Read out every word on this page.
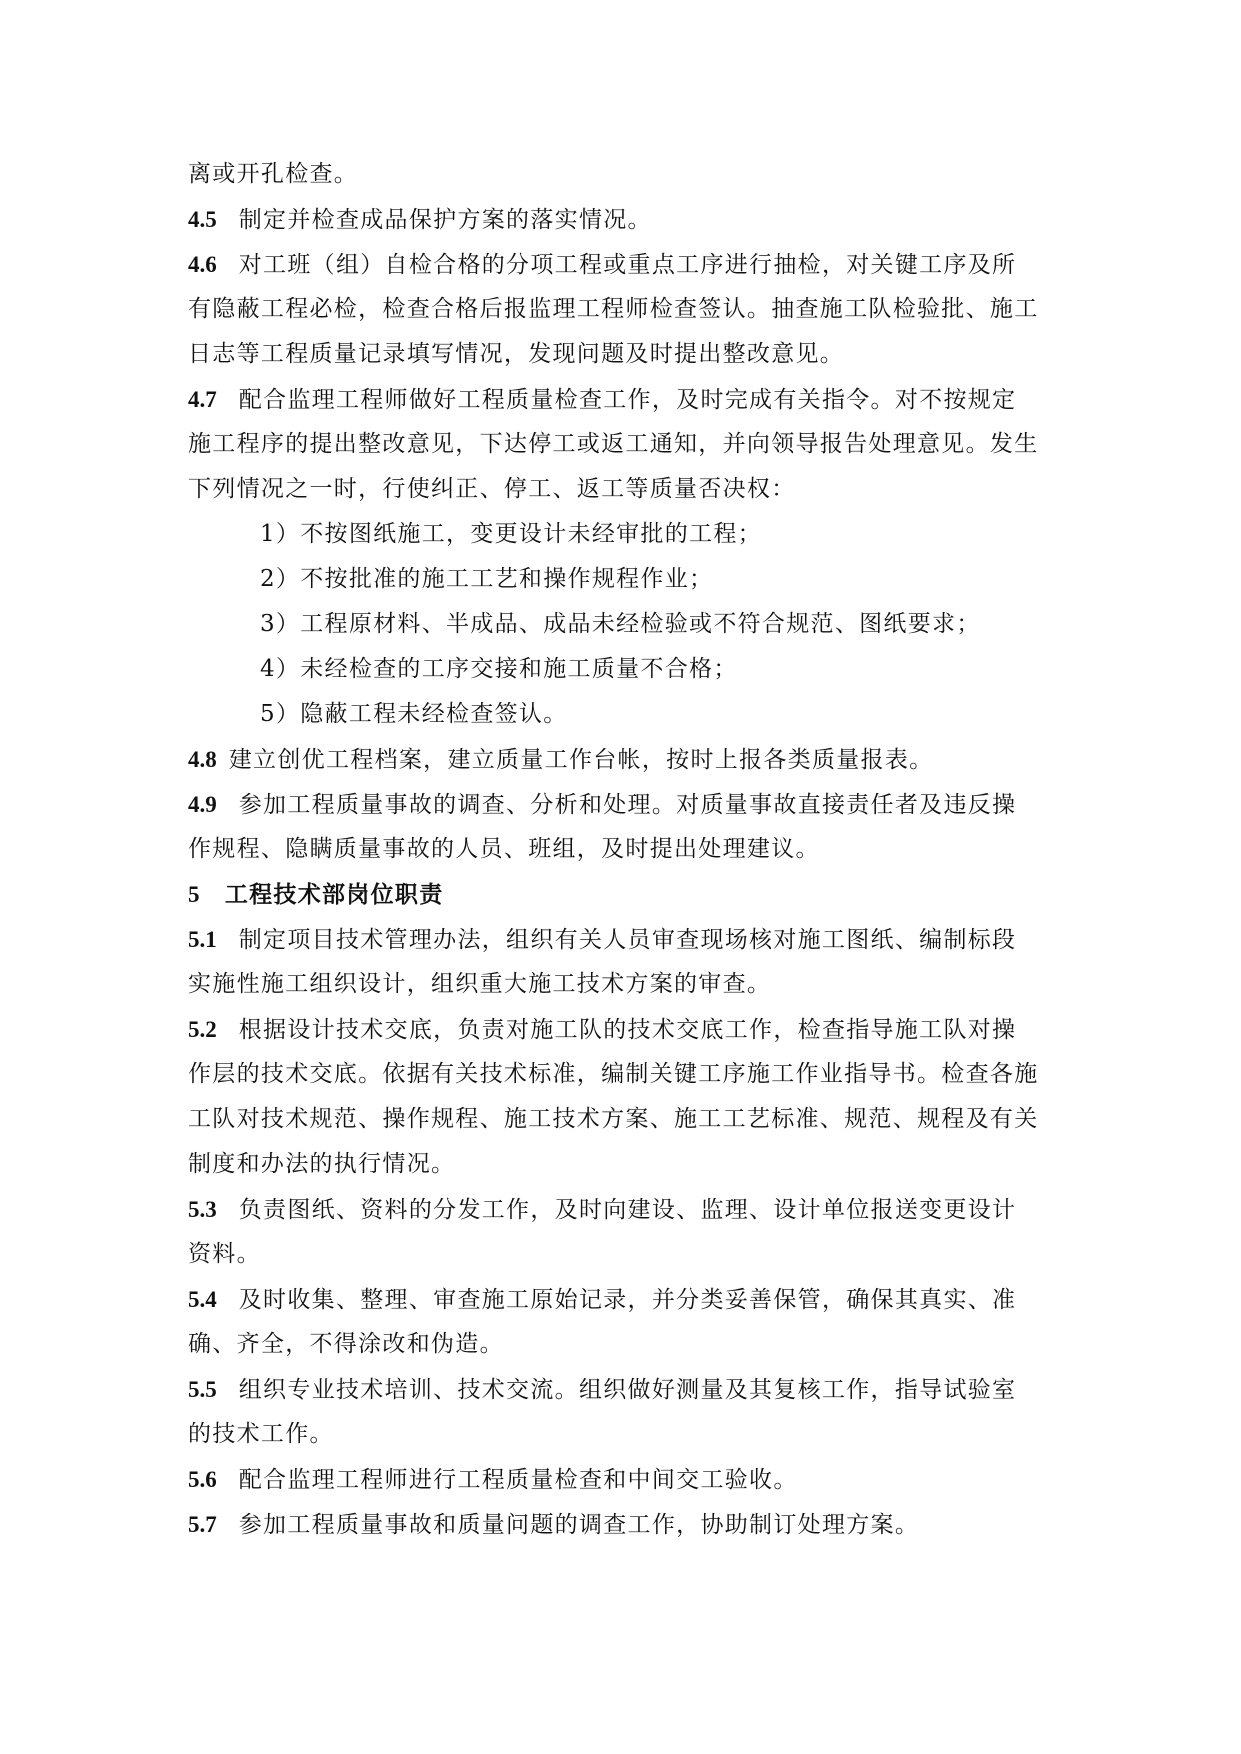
离或开孔检查。
4.5 制定并检查成品保护方案的落实情况。
4.6 对工班（组）自检合格的分项工程或重点工序进行抽检，对关键工序及所
有隐蔽工程必检，检查合格后报监理工程师检查签认。抽查施工队检验批、施工
日志等工程质量记录填写情况，发现问题及时提出整改意见。
4.7 配合监理工程师做好工程质量检查工作，及时完成有关指令。对不按规定
施工程序的提出整改意见，下达停工或返工通知，并向领导报告处理意见。发生
下列情况之一时，行使纠正、停工、返工等质量否决权：
1）不按图纸施工，变更设计未经审批的工程；
2）不按批准的施工工艺和操作规程作业；
3）工程原材料、半成品、成品未经检验或不符合规范、图纸要求；
4）未经检查的工序交接和施工质量不合格；
5）隐蔽工程未经检查签认。
4.8 建立创优工程档案，建立质量工作台帐，按时上报各类质量报表。
4.9 参加工程质量事故的调查、分析和处理。对质量事故直接责任者及违反操
作规程、隐瞒质量事故的人员、班组，及时提出处理建议。
5 工程技术部岗位职责
5.1 制定项目技术管理办法，组织有关人员审查现场核对施工图纸、编制标段
实施性施工组织设计，组织重大施工技术方案的审查。
5.2 根据设计技术交底，负责对施工队的技术交底工作，检查指导施工队对操
作层的技术交底。依据有关技术标准，编制关键工序施工作业指导书。检查各施
工队对技术规范、操作规程、施工技术方案、施工工艺标准、规范、规程及有关
制度和办法的执行情况。
5.3 负责图纸、资料的分发工作，及时向建设、监理、设计单位报送变更设计
资料。
5.4 及时收集、整理、审查施工原始记录，并分类妥善保管，确保其真实、准
确、齐全，不得涂改和伪造。
5.5 组织专业技术培训、技术交流。组织做好测量及其复核工作，指导试验室
的技术工作。
5.6 配合监理工程师进行工程质量检查和中间交工验收。
5.7 参加工程质量事故和质量问题的调查工作，协助制订处理方案。
